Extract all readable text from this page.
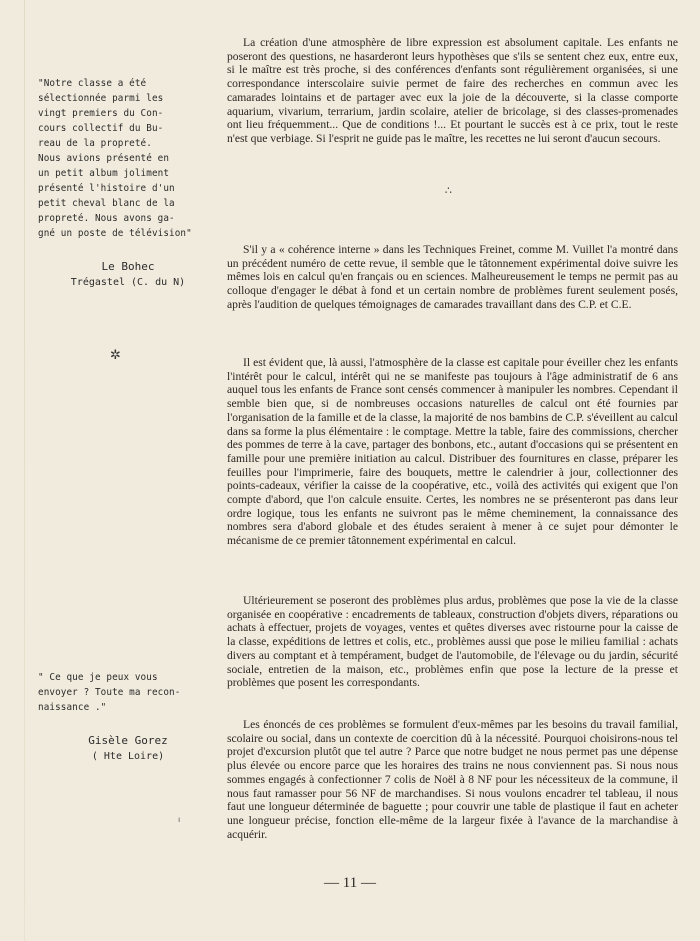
"Notre classe a été
sélectionnée parmi les
vingt premiers du Con-
cours collectif du Bu-
reau de la propreté.
Nous avions présenté en
un petit album joliment
présenté l'histoire d'un
petit cheval blanc de la
propreté. Nous avons ga-
gné un poste de télévision"
Le Bohec
Trégastel (C. du N)
✲
" Ce que je peux vous
envoyer ? Toute ma recon-
naissance ."
Gisèle Gorez
( Hte Loire)

La création d'une atmosphère de libre expression est absolument capitale. Les enfants ne poseront des questions, ne hasarderont leurs hypothèses que s'ils se sentent chez eux, entre eux, si le maître est très proche, si des conférences d'enfants sont régulièrement organisées, si une correspondance interscolaire suivie permet de faire des recherches en commun avec les camarades lointains et de partager avec eux la joie de la découverte, si la classe comporte aquarium, vivarium, terrarium, jardin scolaire, atelier de bricolage, si des classes-promenades ont lieu fréquemment... Que de conditions !... Et pourtant le succès est à ce prix, tout le reste n'est que verbiage. Si l'esprit ne guide pas le maître, les recettes ne lui seront d'aucun secours.

∴

S'il y a « cohérence interne » dans les Techniques Freinet, comme M. Vuillet l'a montré dans un précédent numéro de cette revue, il semble que le tâtonnement expérimental doive suivre les mêmes lois en calcul qu'en français ou en sciences. Malheureusement le temps ne permit pas au colloque d'engager le débat à fond et un certain nombre de problèmes furent seulement posés, après l'audition de quelques témoignages de camarades travaillant dans des C.P. et C.E.

Il est évident que, là aussi, l'atmosphère de la classe est capitale pour éveiller chez les enfants l'intérêt pour le calcul, intérêt qui ne se manifeste pas toujours à l'âge administratif de 6 ans auquel tous les enfants de France sont censés commencer à manipuler les nombres. Cependant il semble bien que, si de nombreuses occasions naturelles de calcul ont été fournies par l'organisation de la famille et de la classe, la majorité de nos bambins de C.P. s'éveillent au calcul dans sa forme la plus élémentaire : le comptage. Mettre la table, faire des commissions, chercher des pommes de terre à la cave, partager des bonbons, etc., autant d'occasions qui se présentent en famille pour une première initiation au calcul. Distribuer des fournitures en classe, préparer les feuilles pour l'imprimerie, faire des bouquets, mettre le calendrier à jour, collectionner des points-cadeaux, vérifier la caisse de la coopérative, etc., voilà des activités qui exigent que l'on compte d'abord, que l'on calcule ensuite. Certes, les nombres ne se présenteront pas dans leur ordre logique, tous les enfants ne suivront pas le même cheminement, la connaissance des nombres sera d'abord globale et des études seraient à mener à ce sujet pour démonter le mécanisme de ce premier tâtonnement expérimental en calcul.

Ultérieurement se poseront des problèmes plus ardus, problèmes que pose la vie de la classe organisée en coopérative : encadrements de tableaux, construction d'objets divers, réparations ou achats à effectuer, projets de voyages, ventes et quêtes diverses avec ristourne pour la caisse de la classe, expéditions de lettres et colis, etc., problèmes aussi que pose le milieu familial : achats divers au comptant et à tempérament, budget de l'automobile, de l'élevage ou du jardin, sécurité sociale, entretien de la maison, etc., problèmes enfin que pose la lecture de la presse et problèmes que posent les correspondants.

Les énoncés de ces problèmes se formulent d'eux-mêmes par les besoins du travail familial, scolaire ou social, dans un contexte de coercition dû à la nécessité. Pourquoi choisirons-nous tel projet d'excursion plutôt que tel autre ? Parce que notre budget ne nous permet pas une dépense plus élevée ou encore parce que les horaires des trains ne nous conviennent pas. Si nous nous sommes engagés à confectionner 7 colis de Noël à 8 NF pour les nécessiteux de la commune, il nous faut ramasser pour 56 NF de marchandises. Si nous voulons encadrer tel tableau, il nous faut une longueur déterminée de baguette ; pour couvrir une table de plastique il faut en acheter une longueur précise, fonction elle-même de la largeur fixée à l'avance de la marchandise à acquérir.

ı
— 11 —
